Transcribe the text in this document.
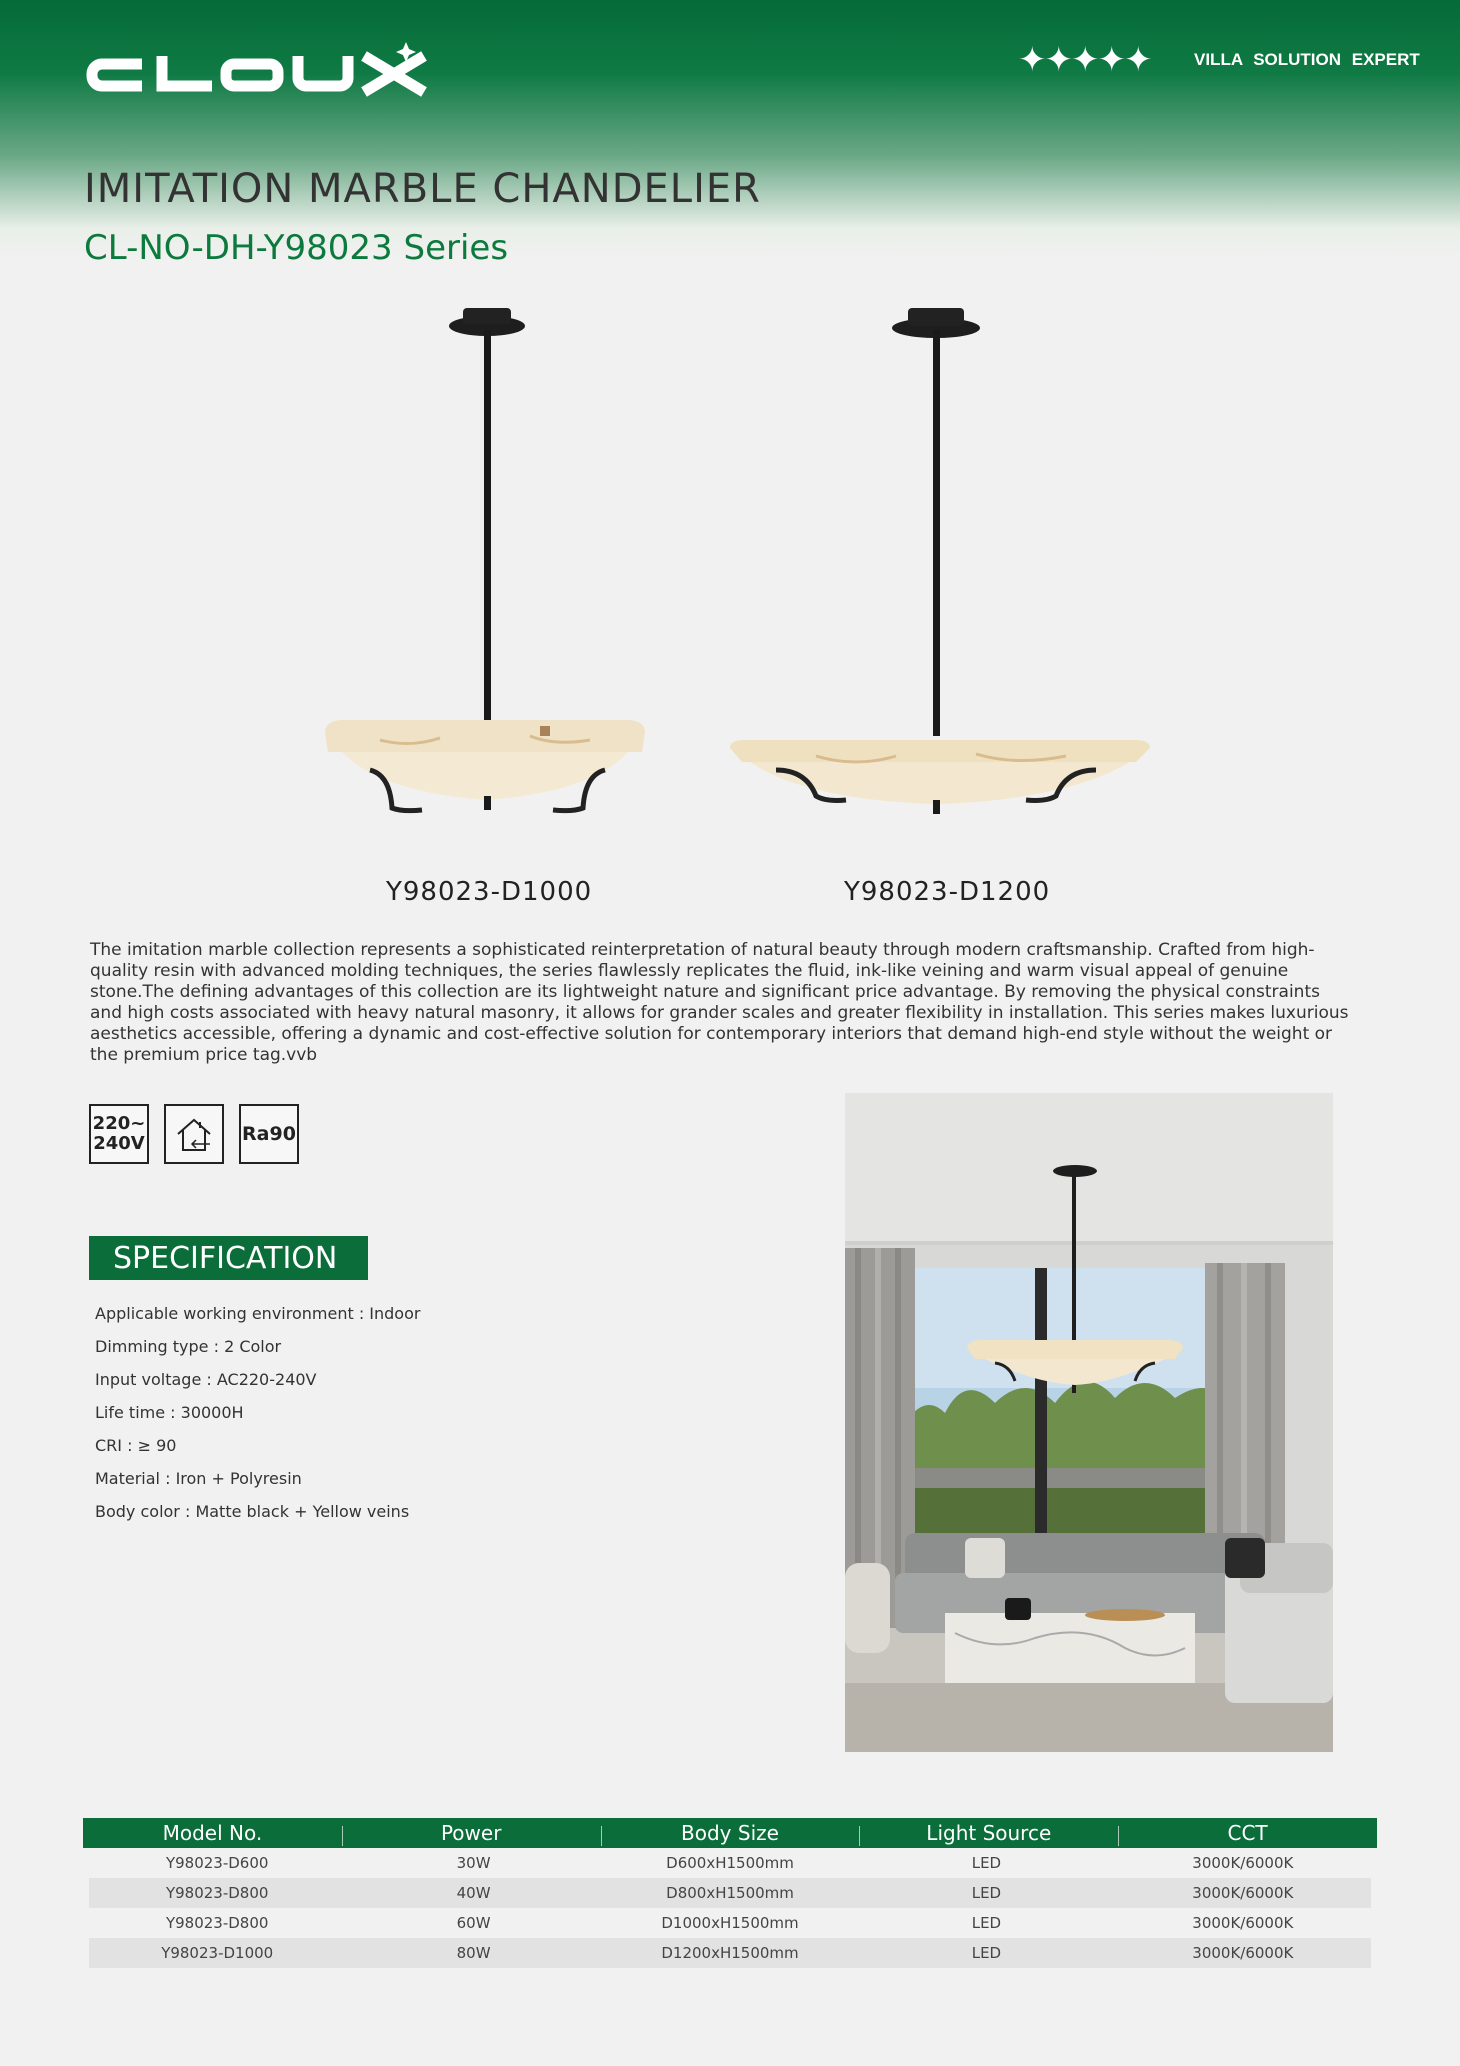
✦✦✦✦✦	VILLA SOLUTION EXPERT
IMITATION MARBLE CHANDELIER
CL-NO-DH-Y98023 Series
Y98023-D1000	Y98023-D1200
The imitation marble collection represents a sophisticated reinterpretation of natural beauty through modern craftsmanship. Crafted from high-quality resin with advanced molding techniques, the series flawlessly replicates the fluid, ink-like veining and warm visual appeal of genuine stone.The defining advantages of this collection are its lightweight nature and significant price advantage. By removing the physical constraints and high costs associated with heavy natural masonry, it allows for grander scales and greater flexibility in installation. This series makes luxurious aesthetics accessible, offering a dynamic and cost-effective solution for contemporary interiors that demand high-end style without the weight or the premium price tag.vvb
220~
240V	Ra90
SPECIFICATION
Applicable working environment : Indoor
Dimming type : 2 Color
Input voltage : AC220-240V
Life time : 30000H
CRI : ≥ 90
Material : Iron + Polyresin
Body color : Matte black + Yellow veins
Model No.	Power	Body Size	Light Source	CCT
Y98023-D600	30W	D600xH1500mm	LED	3000K/6000K
Y98023-D800	40W	D800xH1500mm	LED	3000K/6000K
Y98023-D800	60W	D1000xH1500mm	LED	3000K/6000K
Y98023-D1000	80W	D1200xH1500mm	LED	3000K/6000K
